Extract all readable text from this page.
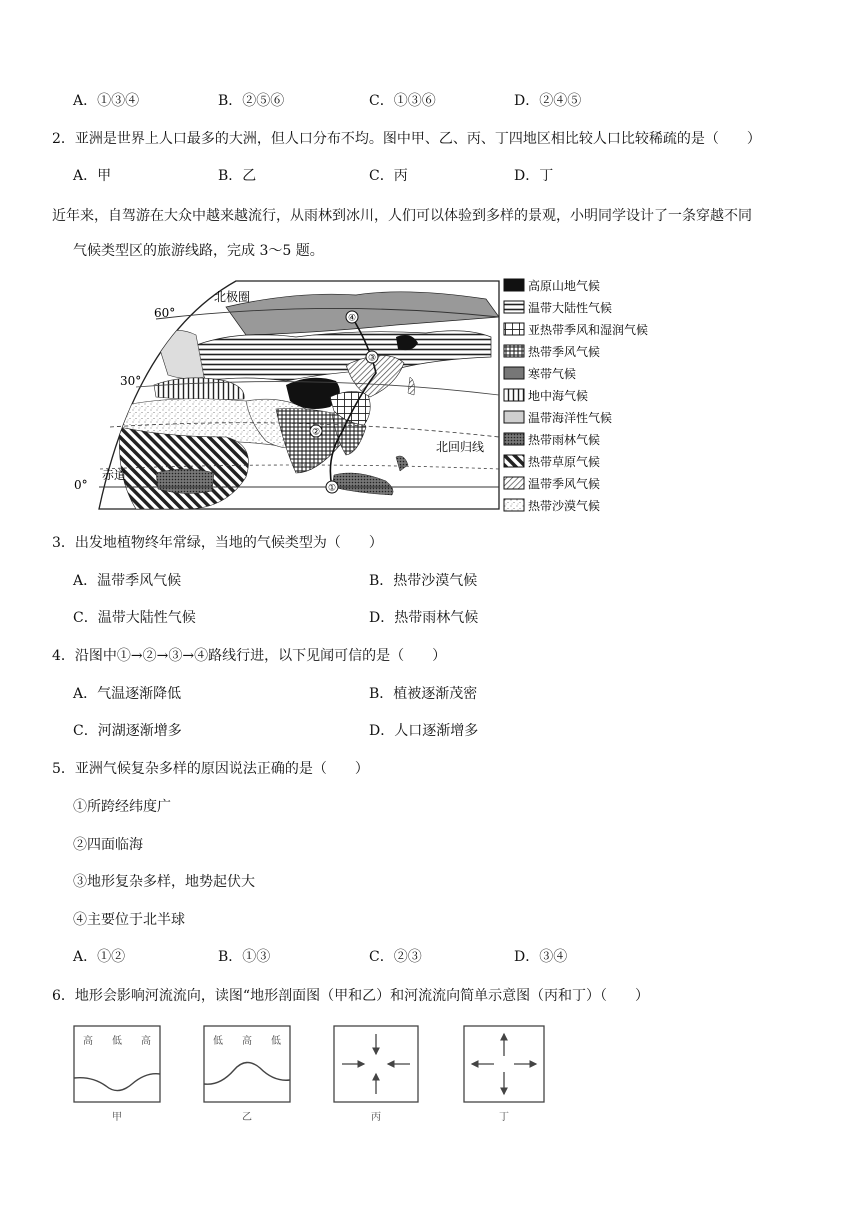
A．①③④	B．②⑤⑥	C．①③⑥	D．②④⑤
2．亚洲是世界上人口最多的大洲，但人口分布不均。图中甲、乙、丙、丁四地区相比较人口比较稀疏的是（　　）
A．甲	B．乙	C．丙	D．丁
近年来，自驾游在大众中越来越流行，从雨林到冰川，人们可以体验到多样的景观，小明同学设计了一条穿越不同
气候类型区的旅游线路，完成 3～5 题。
①
②
③
④
北极圈
60°
30°
北回归线
赤道
0°
高原山地气候
温带大陆性气候
亚热带季风和湿润气候
热带季风气候
寒带气候
地中海气候
温带海洋性气候
热带雨林气候
热带草原气候
温带季风气候
热带沙漠气候
3．出发地植物终年常绿，当地的气候类型为（　　）
A．温带季风气候	B．热带沙漠气候
C．温带大陆性气候	D．热带雨林气候
4．沿图中①→②→③→④路线行进，以下见闻可信的是（　　）
A．气温逐渐降低	B．植被逐渐茂密
C．河湖逐渐增多	D．人口逐渐增多
5．亚洲气候复杂多样的原因说法正确的是（　　）
①所跨经纬度广
②四面临海
③地形复杂多样，地势起伏大
④主要位于北半球
A．①②	B．①③	C．②③	D．③④
6．地形会影响河流流向，读图“地形剖面图（甲和乙）和河流流向简单示意图（丙和丁）（　　）
高 低 高
甲
低 高 低
乙	丙	丁
